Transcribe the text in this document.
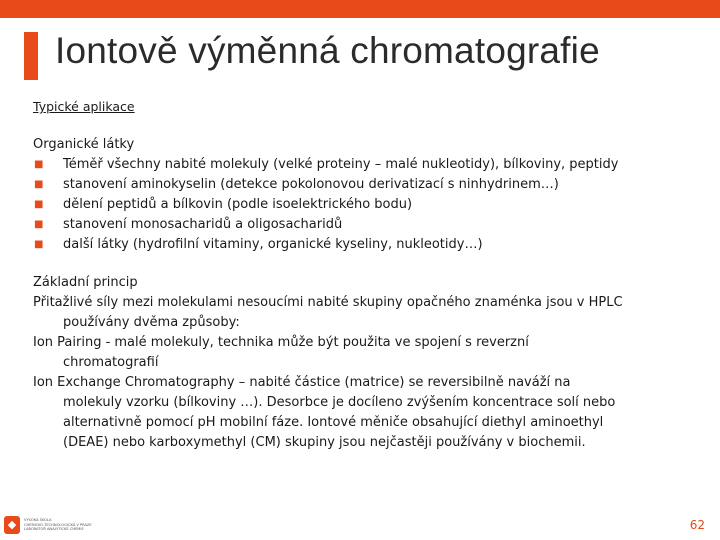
Iontově výměnná chromatografie
Typické aplikace
Organické látky
■ Téměř všechny nabité molekuly (velké proteiny – malé nukleotidy), bílkoviny, peptidy
■ stanovení aminokyselin (detekce pokolonovou derivatizací s ninhydrinem…)
■ dělení peptidů a bílkovin (podle isoelektrického bodu)
■ stanovení monosacharidů a oligosacharidů
■ další látky (hydrofilní vitaminy, organické kyseliny, nukleotidy…)
Základní princip
Přitažlivé síly mezi molekulami nesoucími nabité skupiny opačného znaménka jsou v HPLC
používány dvěma způsoby:
Ion Pairing - malé molekuly, technika může být použita ve spojení s reverzní
chromatografií
Ion Exchange Chromatography – nabité částice (matrice) se reversibilně naváží na
molekuly vzorku (bílkoviny …). Desorbce je docíleno zvýšením koncentrace solí nebo
alternativně pomocí pH mobilní fáze. Iontové měniče obsahující diethyl aminoethyl
(DEAE) nebo karboxymethyl (CM) skupiny jsou nejčastěji používány v biochemii.
◆	VYSOKÁ ŠKOLA
CHEMICKO-TECHNOLOGICKÁ V PRAZE
LABORATOŘ ANALYTICKÉ CHEMIE	62
